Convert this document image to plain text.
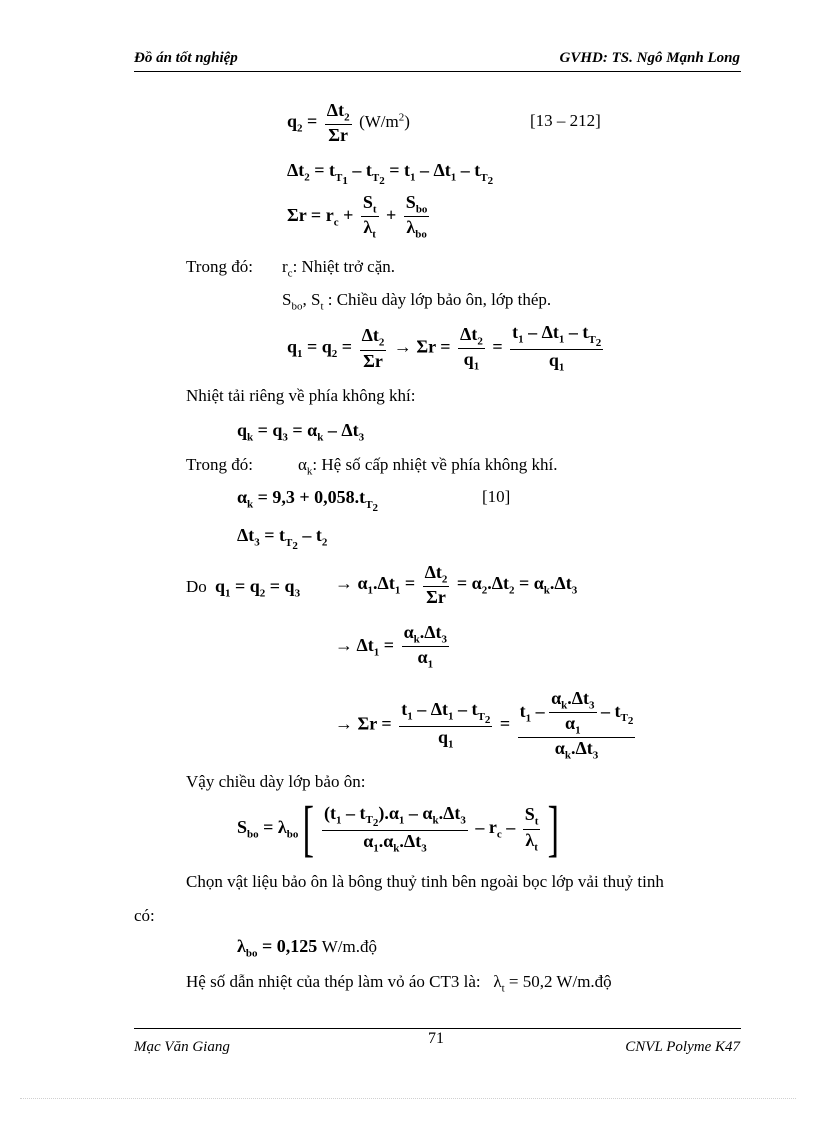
Đồ án tốt nghiệp	GVHD: TS. Ngô Mạnh Long
$q_2 = \frac{\Delta t_2}{\Sigma r} (W/m^2)$	[13 – 212]
$\Delta t_2 = t_{T_1} - t_{T_2} = t_1 - \Delta t_1 - t_{T_2}$
$\Sigma r = r_c + \frac{S_t}{\lambda_t} + \frac{S_{bo}}{\lambda_{bo}}$
Trong đó: $r_c$: Nhiệt trở cặn.
$S_{bo}$, $S_t$ : Chiều dày lớp bảo ôn, lớp thép.
$q_1 = q_2 = \frac{\Delta t_2}{\Sigma r} \to \Sigma r = \frac{\Delta t_2}{q_1} = \frac{t_1 - \Delta t_1 - t_{T_2}}{q_1}$
Nhiệt tải riêng về phía không khí:
$q_k = q_3 = \alpha_k - \Delta t_3$
Trong đó:	$\alpha_k$: Hệ số cấp nhiệt về phía không khí.
$\alpha_k = 9,3 + 0,058.t_{T_2}$
[10]
$\Delta t_3 = t_{T_2} - t_2$
Do $q_1 = q_2 = q_3$
→ $\alpha_1.\Delta t_1 = \frac{\Delta t_2}{\Sigma r} = \alpha_2.\Delta t_2 = \alpha_k.\Delta t_3$
→ $\Delta t_1 = \frac{\alpha_k.\Delta t_3}{\alpha_1}$
→ $\Sigma r = \frac{t_1 - \Delta t_1 - t_{T_2}}{q_1} = \frac{t_1 - \frac{\alpha_k.\Delta t_3}{\alpha_1} - t_{T_2}}{\alpha_k.\Delta t_3}$
Vậy chiều dày lớp bảo ôn:
$S_{bo} = \lambda_{bo}[ \frac{(t_1 - t_{T_2}).\alpha_1 - \alpha_k.\Delta t_3}{\alpha_1.\alpha_k.\Delta t_3} - r_c - \frac{S_t}{\lambda_t}$ ]
Chọn vật liệu bảo ôn là bông thuỷ tinh bên ngoài bọc lớp vải thuỷ tinh
có:
$\lambda_{bo} = 0,125$ W/m.độ
Hệ số dẫn nhiệt của thép làm vỏ áo CT3 là:   $\lambda_t = 50,2$ W/m.độ
Mạc Văn Giang	71	CNVL Polyme K47
